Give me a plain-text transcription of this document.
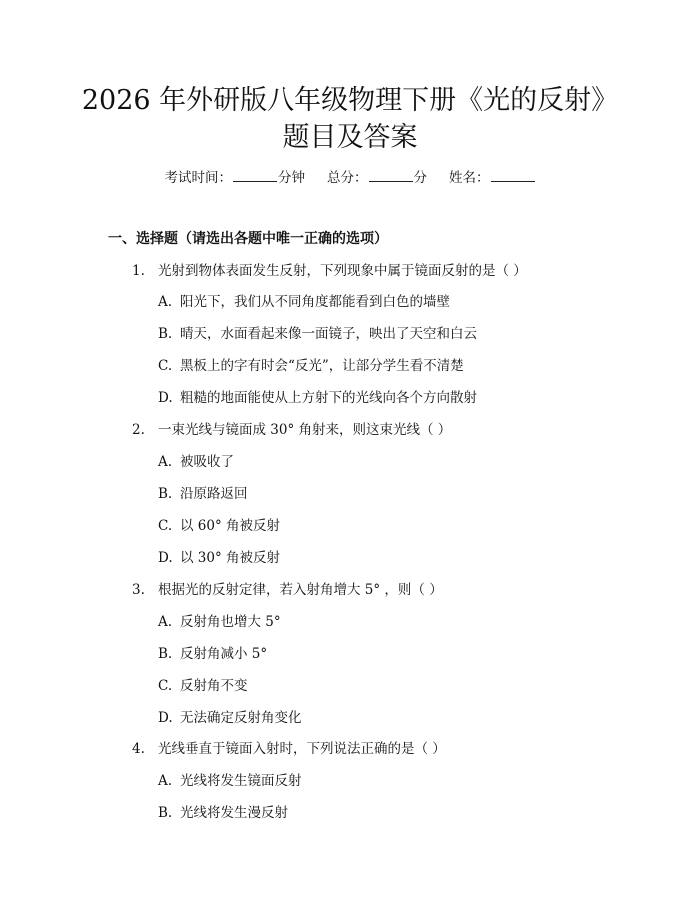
2026 年外研版八年级物理下册《光的反射》
题目及答案
考试时间：	分钟 总分：	分 姓名：
一、选择题（请选出各题中唯一正确的选项）
1. 光射到物体表面发生反射，下列现象中属于镜面反射的是（ ）
A. 阳光下，我们从不同角度都能看到白色的墙壁
B. 晴天，水面看起来像一面镜子，映出了天空和白云
C. 黑板上的字有时会“反光”，让部分学生看不清楚
D. 粗糙的地面能使从上方射下的光线向各个方向散射
2. 一束光线与镜面成 30° 角射来，则这束光线（ ）
A. 被吸收了
B. 沿原路返回
C. 以 60° 角被反射
D. 以 30° 角被反射
3. 根据光的反射定律，若入射角增大 5° ，则（ ）
A. 反射角也增大 5°
B. 反射角减小 5°
C. 反射角不变
D. 无法确定反射角变化
4. 光线垂直于镜面入射时，下列说法正确的是（ ）
A. 光线将发生镜面反射
B. 光线将发生漫反射
